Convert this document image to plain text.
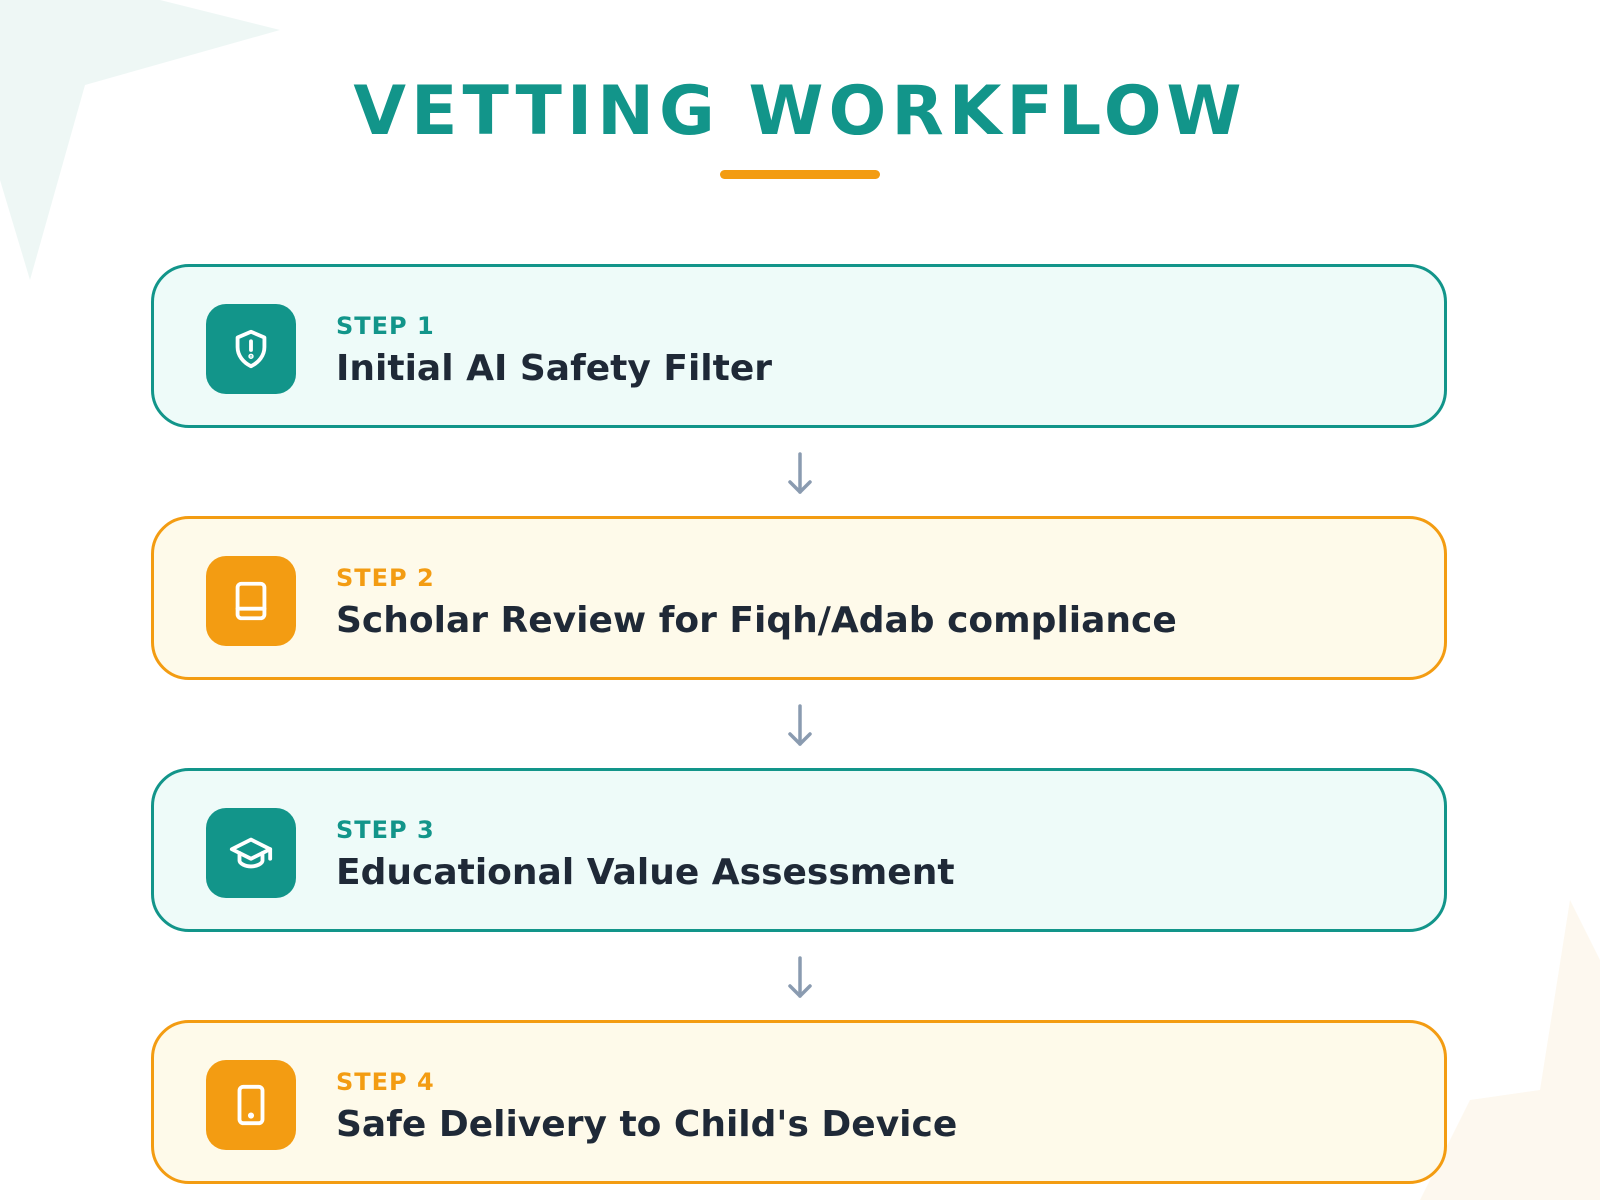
VETTING WORKFLOW
STEP 1
Initial AI Safety Filter
STEP 2
Scholar Review for Fiqh/Adab compliance
STEP 3
Educational Value Assessment
STEP 4
Safe Delivery to Child's Device
